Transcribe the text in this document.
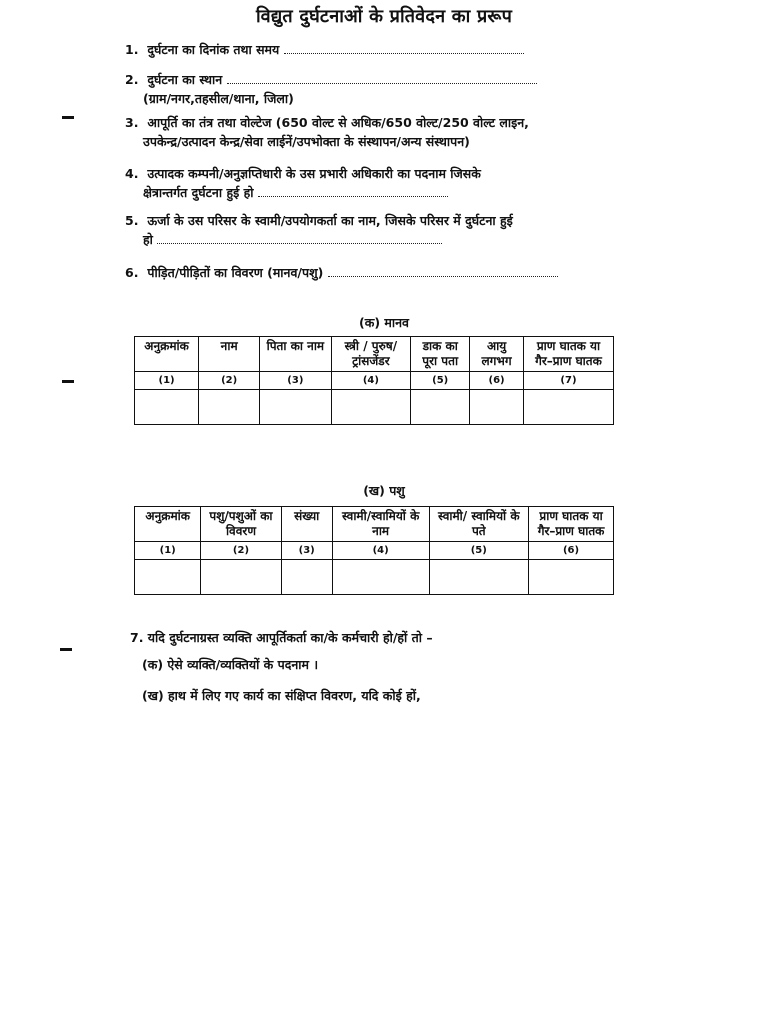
विद्युत दुर्घटनाओं के प्रतिवेदन का प्ररूप
1. दुर्घटना का दिनांक तथा समय
2. दुर्घटना का स्थान
(ग्राम/नगर,तहसील/थाना, जिला)
3. आपूर्ति का तंत्र तथा वोल्टेज (650 वोल्ट से अधिक/650 वोल्ट/250 वोल्ट लाइन,
उपकेन्द्र/उत्पादन केन्द्र/सेवा लाईनें/उपभोक्ता के संस्थापन/अन्य संस्थापन)
4. उत्पादक कम्पनी/अनुज्ञप्तिधारी के उस प्रभारी अधिकारी का पदनाम जिसके
क्षेत्रान्तर्गत दुर्घटना हुई हो
5. ऊर्जा के उस परिसर के स्वामी/उपयोगकर्ता का नाम, जिसके परिसर में दुर्घटना हुई
हो
6. पीड़ित/पीड़ितों का विवरण (मानव/पशु)
(क) मानव
अनुक्रमांक	नाम	पिता का नाम	स्त्री / पुरुष/ ट्रांसजेंडर	डाक का पूरा पता	आयु लगभग	प्राण घातक या गैर–प्राण घातक
(1)	(2)	(3)	(4)	(5)	(6)	(7)

(ख) पशु
अनुक्रमांक	पशु/पशुओं का विवरण	संख्या	स्वामी/स्वामियों के नाम	स्वामी/ स्वामियों के पते	प्राण घातक या गैर–प्राण घातक
(1)	(2)	(3)	(4)	(5)	(6)

7. यदि दुर्घटनाग्रस्त व्यक्ति आपूर्तिकर्ता का/के कर्मचारी हो/हों तो –
(क) ऐसे व्यक्ति/व्यक्तियों के पदनाम ।
(ख) हाथ में लिए गए कार्य का संक्षिप्त विवरण, यदि कोई हों,
